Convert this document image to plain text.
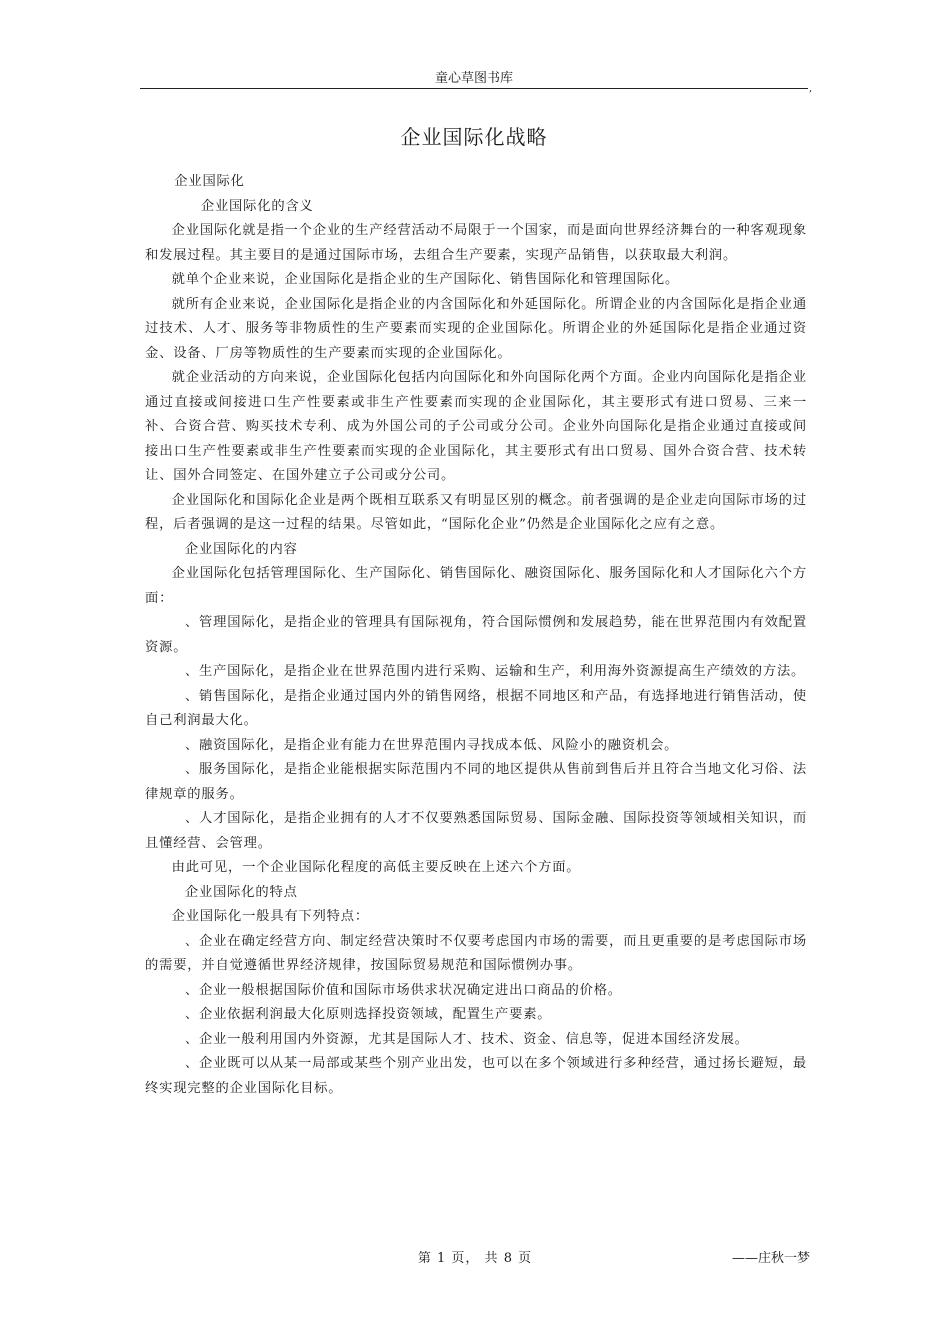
童心草图书库
,
企业国际化战略

企业国际化

企业国际化的含义

企业国际化就是指一个企业的生产经营活动不局限于一个国家，而是面向世界经济舞台的一种客观现象和发展过程。其主要目的是通过国际市场，去组合生产要素，实现产品销售，以获取最大利润。

就单个企业来说，企业国际化是指企业的生产国际化、销售国际化和管理国际化。

就所有企业来说，企业国际化是指企业的内含国际化和外延国际化。所谓企业的内含国际化是指企业通过技术、人才、服务等非物质性的生产要素而实现的企业国际化。所谓企业的外延国际化是指企业通过资金、设备、厂房等物质性的生产要素而实现的企业国际化。

就企业活动的方向来说，企业国际化包括内向国际化和外向国际化两个方面。企业内向国际化是指企业通过直接或间接进口生产性要素或非生产性要素而实现的企业国际化，其主要形式有进口贸易、三来一补、合资合营、购买技术专利、成为外国公司的子公司或分公司。企业外向国际化是指企业通过直接或间接出口生产性要素或非生产性要素而实现的企业国际化，其主要形式有出口贸易、国外合资合营、技术转让、国外合同签定、在国外建立子公司或分公司。

企业国际化和国际化企业是两个既相互联系又有明显区别的概念。前者强调的是企业走向国际市场的过程，后者强调的是这一过程的结果。尽管如此，“国际化企业”仍然是企业国际化之应有之意。

企业国际化的内容

企业国际化包括管理国际化、生产国际化、销售国际化、融资国际化、服务国际化和人才国际化六个方面：

、管理国际化，是指企业的管理具有国际视角，符合国际惯例和发展趋势，能在世界范围内有效配置资源。

、生产国际化，是指企业在世界范围内进行采购、运输和生产，利用海外资源提高生产绩效的方法。

、销售国际化，是指企业通过国内外的销售网络，根据不同地区和产品，有选择地进行销售活动，使自己利润最大化。

、融资国际化，是指企业有能力在世界范围内寻找成本低、风险小的融资机会。

、服务国际化，是指企业能根据实际范围内不同的地区提供从售前到售后并且符合当地文化习俗、法律规章的服务。

、人才国际化，是指企业拥有的人才不仅要熟悉国际贸易、国际金融、国际投资等领域相关知识，而且懂经营、会管理。

由此可见，一个企业国际化程度的高低主要反映在上述六个方面。

企业国际化的特点

企业国际化一般具有下列特点：

、企业在确定经营方向、制定经营决策时不仅要考虑国内市场的需要，而且更重要的是考虑国际市场的需要，并自觉遵循世界经济规律，按国际贸易规范和国际惯例办事。

、企业一般根据国际价值和国际市场供求状况确定进出口商品的价格。

、企业依据利润最大化原则选择投资领域，配置生产要素。

、企业一般利用国内外资源，尤其是国际人才、技术、资金、信息等，促进本国经济发展。

、企业既可以从某一局部或某些个别产业出发，也可以在多个领域进行多种经营，通过扬长避短，最终实现完整的企业国际化目标。

第 1 页， 共 8 页	——庄秋一梦
